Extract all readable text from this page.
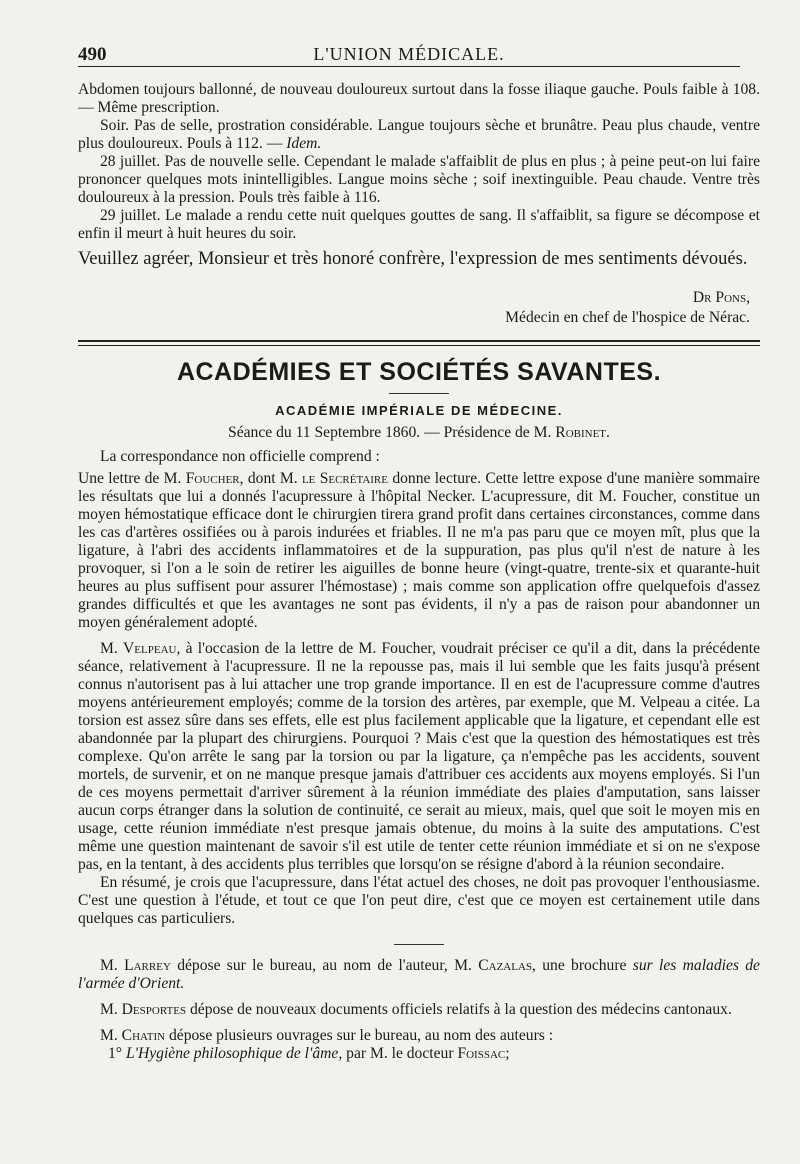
490	L'UNION MÉDICALE.

Abdomen toujours ballonné, de nouveau douloureux surtout dans la fosse iliaque gauche. Pouls faible à 108. — Même prescription.

Soir. Pas de selle, prostration considérable. Langue toujours sèche et brunâtre. Peau plus chaude, ventre plus douloureux. Pouls à 112. — Idem.

28 juillet. Pas de nouvelle selle. Cependant le malade s'affaiblit de plus en plus ; à peine peut-on lui faire prononcer quelques mots inintelligibles. Langue moins sèche ; soif inextinguible. Peau chaude. Ventre très douloureux à la pression. Pouls très faible à 116.

29 juillet. Le malade a rendu cette nuit quelques gouttes de sang. Il s'affaiblit, sa figure se décompose et enfin il meurt à huit heures du soir.

Veuillez agréer, Monsieur et très honoré confrère, l'expression de mes sentiments dévoués.

Dr Pons,
Médecin en chef de l'hospice de Nérac.
ACADÉMIES ET SOCIÉTÉS SAVANTES.
ACADÉMIE IMPÉRIALE DE MÉDECINE.
Séance du 11 Septembre 1860. — Présidence de M. Robinet.

La correspondance non officielle comprend :

Une lettre de M. Foucher, dont M. le Secrétaire donne lecture. Cette lettre expose d'une manière sommaire les résultats que lui a donnés l'acupressure à l'hôpital Necker. L'acupressure, dit M. Foucher, constitue un moyen hémostatique efficace dont le chirurgien tirera grand profit dans certaines circonstances, comme dans les cas d'artères ossifiées ou à parois indurées et friables. Il ne m'a pas paru que ce moyen mît, plus que la ligature, à l'abri des accidents inflammatoires et de la suppuration, pas plus qu'il n'est de nature à les provoquer, si l'on a le soin de retirer les aiguilles de bonne heure (vingt-quatre, trente-six et quarante-huit heures au plus suffisent pour assurer l'hémostase) ; mais comme son application offre quelquefois d'assez grandes difficultés et que les avantages ne sont pas évidents, il n'y a pas de raison pour abandonner un moyen généralement adopté.

M. Velpeau, à l'occasion de la lettre de M. Foucher, voudrait préciser ce qu'il a dit, dans la précédente séance, relativement à l'acupressure. Il ne la repousse pas, mais il lui semble que les faits jusqu'à présent connus n'autorisent pas à lui attacher une trop grande importance. Il en est de l'acupressure comme d'autres moyens antérieurement employés; comme de la torsion des artères, par exemple, que M. Velpeau a citée. La torsion est assez sûre dans ses effets, elle est plus facilement applicable que la ligature, et cependant elle est abandonnée par la plupart des chirurgiens. Pourquoi ? Mais c'est que la question des hémostatiques est très complexe. Qu'on arrête le sang par la torsion ou par la ligature, ça n'empêche pas les accidents, souvent mortels, de survenir, et on ne manque presque jamais d'attribuer ces accidents aux moyens employés. Si l'un de ces moyens permettait d'arriver sûrement à la réunion immédiate des plaies d'amputation, sans laisser aucun corps étranger dans la solution de continuité, ce serait au mieux, mais, quel que soit le moyen mis en usage, cette réunion immédiate n'est presque jamais obtenue, du moins à la suite des amputations. C'est même une question maintenant de savoir s'il est utile de tenter cette réunion immédiate et si on ne s'expose pas, en la tentant, à des accidents plus terribles que lorsqu'on se résigne d'abord à la réunion secondaire.

En résumé, je crois que l'acupressure, dans l'état actuel des choses, ne doit pas provoquer l'enthousiasme. C'est une question à l'étude, et tout ce que l'on peut dire, c'est que ce moyen est certainement utile dans quelques cas particuliers.

M. Larrey dépose sur le bureau, au nom de l'auteur, M. Cazalas, une brochure sur les maladies de l'armée d'Orient.

M. Desportes dépose de nouveaux documents officiels relatifs à la question des médecins cantonaux.

M. Chatin dépose plusieurs ouvrages sur le bureau, au nom des auteurs :

1° L'Hygiène philosophique de l'âme, par M. le docteur Foissac;
